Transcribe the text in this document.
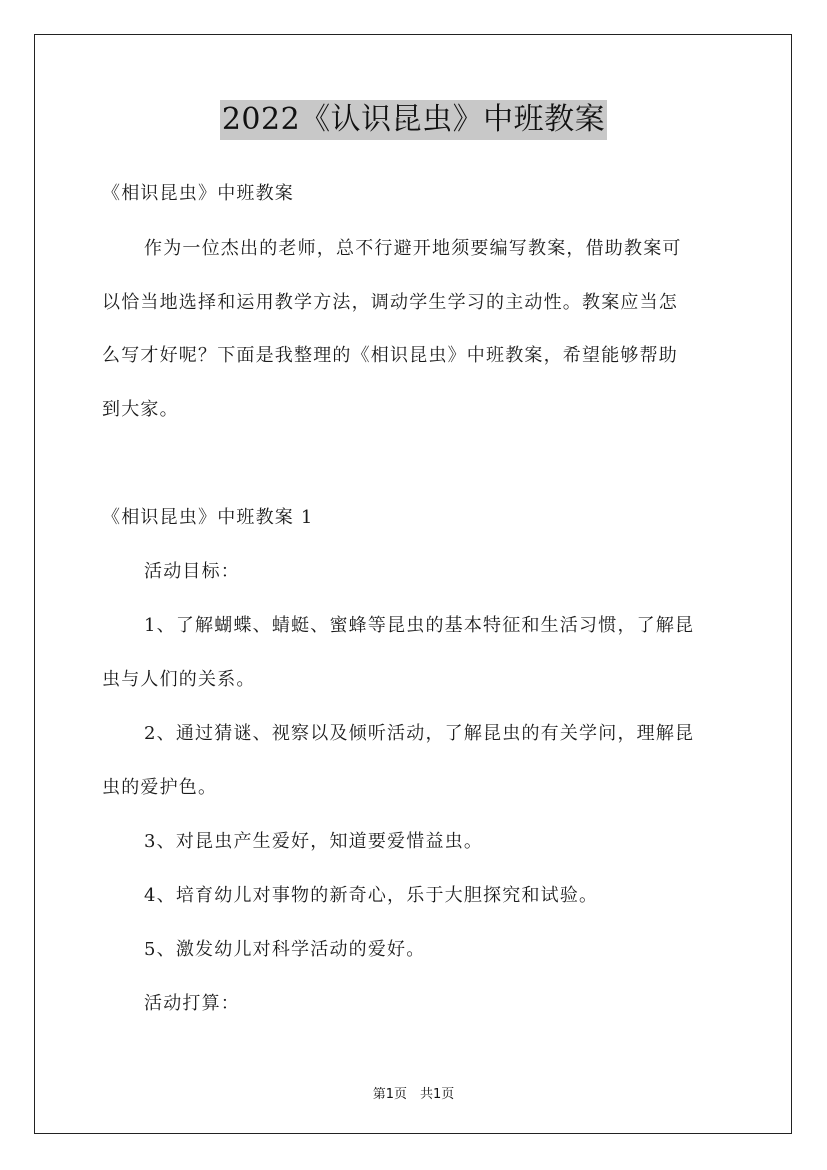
2022《认识昆虫》中班教案
《相识昆虫》中班教案
作为一位杰出的老师，总不行避开地须要编写教案，借助教案可
以恰当地选择和运用教学方法，调动学生学习的主动性。教案应当怎
么写才好呢？下面是我整理的《相识昆虫》中班教案，希望能够帮助
到大家。
《相识昆虫》中班教案 1
活动目标：
1、了解蝴蝶、蜻蜓、蜜蜂等昆虫的基本特征和生活习惯，了解昆
虫与人们的关系。
2、通过猜谜、视察以及倾听活动，了解昆虫的有关学问，理解昆
虫的爱护色。
3、对昆虫产生爱好，知道要爱惜益虫。
4、培育幼儿对事物的新奇心，乐于大胆探究和试验。
5、激发幼儿对科学活动的爱好。
活动打算：
第1页　共1页
